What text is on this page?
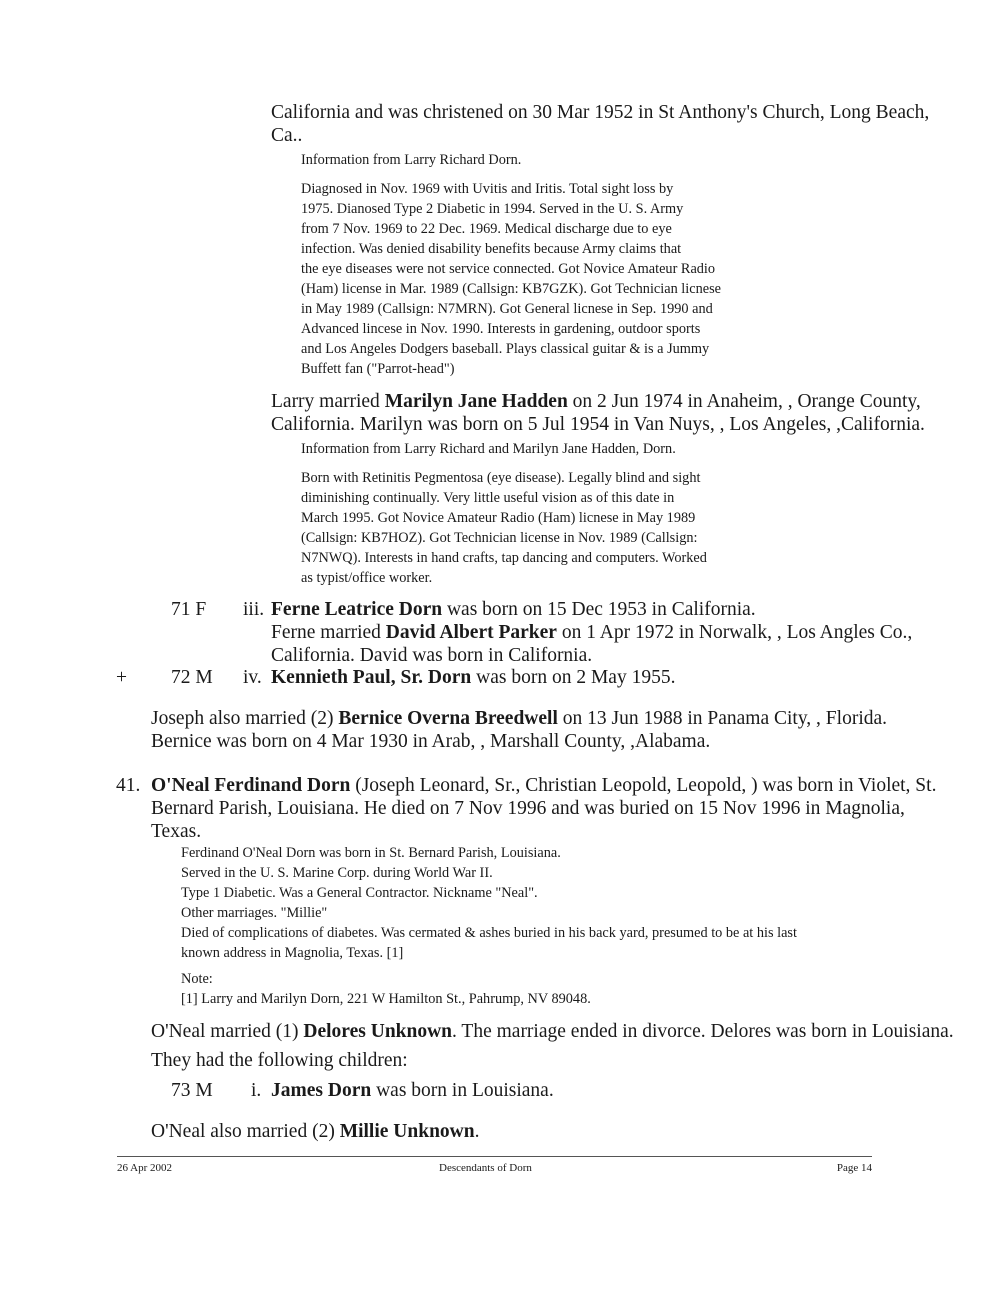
California and was christened on 30 Mar 1952 in St Anthony's Church, Long Beach,
Ca..
Information from Larry Richard Dorn.
Diagnosed in Nov. 1969 with Uvitis and Iritis. Total sight loss by
1975. Dianosed Type 2 Diabetic in 1994. Served in the U. S. Army
from 7 Nov. 1969 to 22 Dec. 1969. Medical discharge due to eye
infection. Was denied disability benefits because Army claims that
the eye diseases were not service connected. Got Novice Amateur Radio
(Ham) license in Mar. 1989 (Callsign: KB7GZK). Got Technician licnese
in May 1989 (Callsign: N7MRN). Got General licnese in Sep. 1990 and
Advanced lincese in Nov. 1990. Interests in gardening, outdoor sports
and Los Angeles Dodgers baseball. Plays classical guitar & is a Jummy
Buffett fan ("Parrot-head")
Larry married Marilyn Jane Hadden on 2 Jun 1974 in Anaheim, , Orange County,
California. Marilyn was born on 5 Jul 1954 in Van Nuys, , Los Angeles, ,California.
Information from Larry Richard and Marilyn Jane Hadden, Dorn.
Born with Retinitis Pegmentosa (eye disease). Legally blind and sight
diminishing continually. Very little useful vision as of this date in
March 1995. Got Novice Amateur Radio (Ham) licnese in May 1989
(Callsign: KB7HOZ). Got Technician license in Nov. 1989 (Callsign:
N7NWQ). Interests in hand crafts, tap dancing and computers. Worked
as typist/office worker.
71 F iii. Ferne Leatrice Dorn was born on 15 Dec 1953 in California.
Ferne married David Albert Parker on 1 Apr 1972 in Norwalk, , Los Angles Co.,
California. David was born in California.
+ 72 M iv. Kennieth Paul, Sr. Dorn was born on 2 May 1955.
Joseph also married (2) Bernice Overna Breedwell on 13 Jun 1988 in Panama City, , Florida.
Bernice was born on 4 Mar 1930 in Arab, , Marshall County, ,Alabama.
41. O'Neal Ferdinand Dorn (Joseph Leonard, Sr., Christian Leopold, Leopold, ) was born in Violet, St.
Bernard Parish, Louisiana. He died on 7 Nov 1996 and was buried on 15 Nov 1996 in Magnolia,
Texas.
Ferdinand O'Neal Dorn was born in St. Bernard Parish, Louisiana.
Served in the U. S. Marine Corp. during World War II.
Type 1 Diabetic. Was a General Contractor. Nickname "Neal".
Other marriages. "Millie"
Died of complications of diabetes. Was cermated & ashes buried in his back yard, presumed to be at his last
known address in Magnolia, Texas. [1]
Note:
[1] Larry and Marilyn Dorn, 221 W Hamilton St., Pahrump, NV 89048.
O'Neal married (1) Delores Unknown. The marriage ended in divorce. Delores was born in Louisiana.
They had the following children:
73 M i. James Dorn was born in Louisiana.
O'Neal also married (2) Millie Unknown.
26 Apr 2002	Descendants of Dorn	Page 14
